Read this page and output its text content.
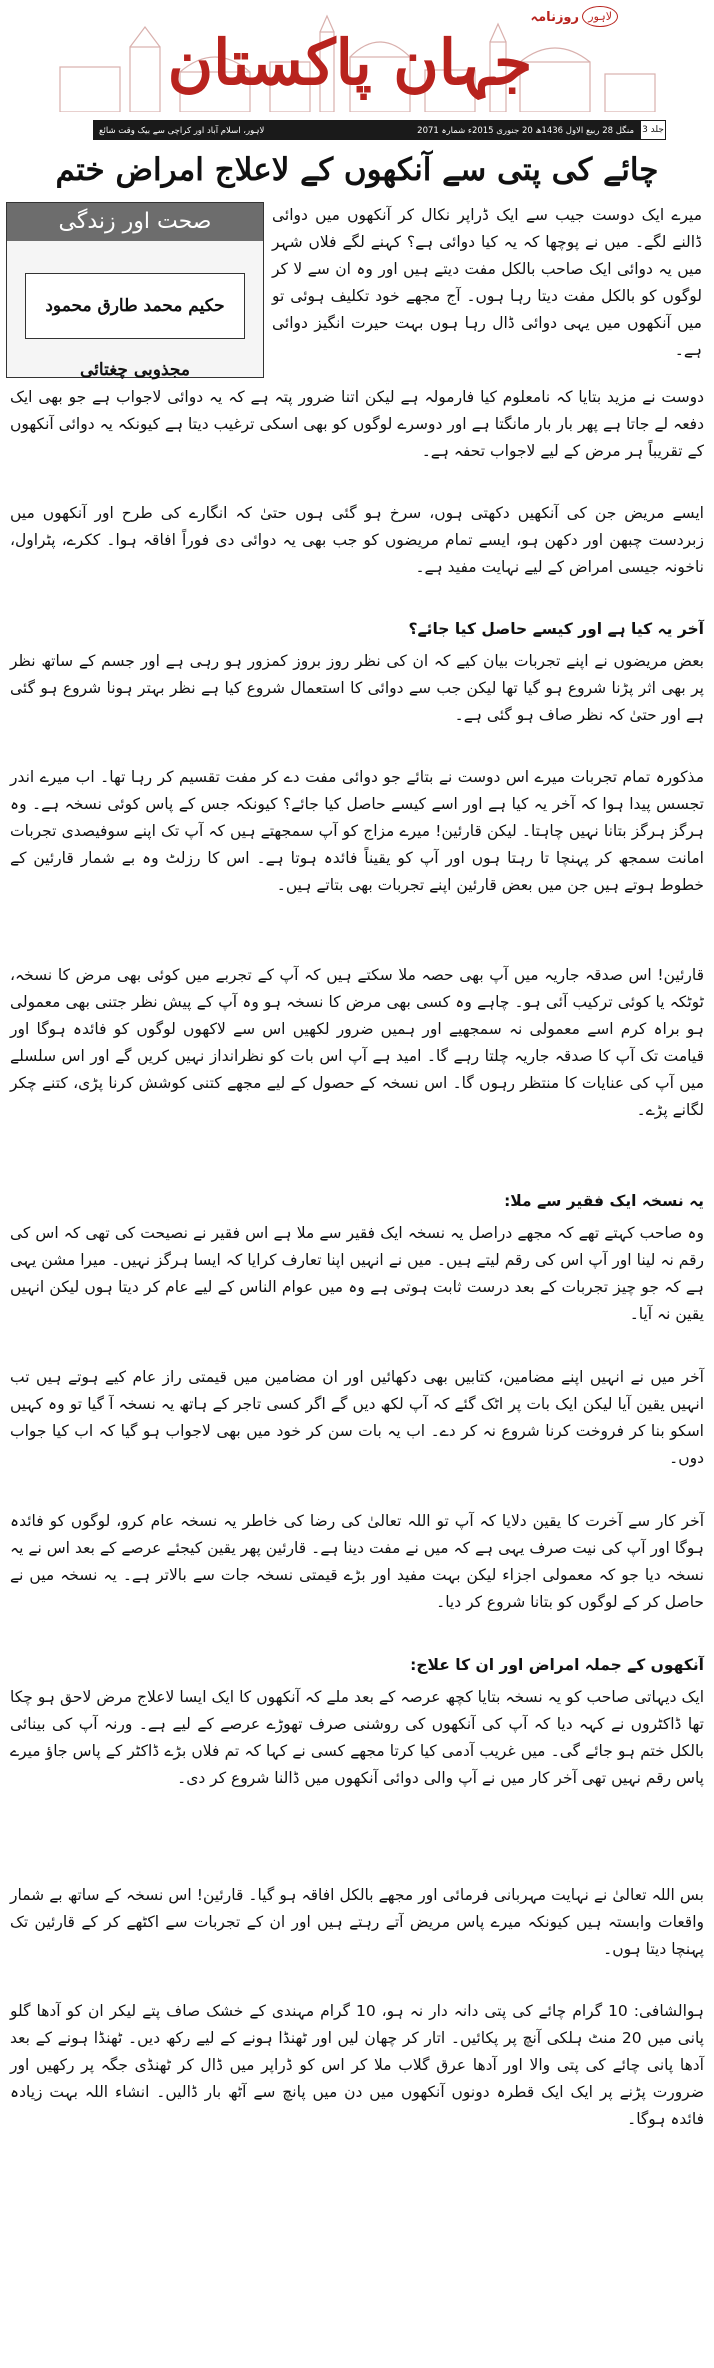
لاہور
روزنامہ
جہان پاکستان
منگل 28 ربیع الاول 1436ھ 20 جنوری 2015ء شمارہ 2071
لاہور، اسلام آباد اور کراچی سے بیک وقت شائع	جلد 3
چائے کی پتی سے آنکھوں کے لاعلاج امراض ختم
صحت اور زندگی
حکیم محمد طارق محمود مجذوبی چغتائی
میرے ایک دوست جیب سے ایک ڈراپر نکال کر آنکھوں میں دوائی ڈالنے لگے۔ میں نے پوچھا کہ یہ کیا دوائی ہے؟ کہنے لگے فلاں شہر میں یہ دوائی ایک صاحب بالکل مفت دیتے ہیں اور وہ ان سے لا کر لوگوں کو بالکل مفت دیتا رہا ہوں۔ آج مجھے خود تکلیف ہوئی تو میں آنکھوں میں یہی دوائی ڈال رہا ہوں بہت حیرت انگیز دوائی ہے۔
دوست نے مزید بتایا کہ نامعلوم کیا فارمولہ ہے لیکن اتنا ضرور پتہ ہے کہ یہ دوائی لاجواب ہے جو بھی ایک دفعہ لے جاتا ہے پھر بار بار مانگتا ہے اور دوسرے لوگوں کو بھی اسکی ترغیب دیتا ہے کیونکہ یہ دوائی آنکھوں کے تقریباً ہر مرض کے لیے لاجواب تحفہ ہے۔
ایسے مریض جن کی آنکھیں دکھتی ہوں، سرخ ہو گئی ہوں حتیٰ کہ انگارے کی طرح اور آنکھوں میں زبردست چبھن اور دکھن ہو، ایسے تمام مریضوں کو جب بھی یہ دوائی دی فوراً افاقہ ہوا۔ ککرے، پٹراول، ناخونہ جیسی امراض کے لیے نہایت مفید ہے۔
آخر یہ کیا ہے اور کیسے حاصل کیا جائے؟
بعض مریضوں نے اپنے تجربات بیان کیے کہ ان کی نظر روز بروز کمزور ہو رہی ہے اور جسم کے ساتھ نظر پر بھی اثر پڑنا شروع ہو گیا تھا لیکن جب سے دوائی کا استعمال شروع کیا ہے نظر بہتر ہونا شروع ہو گئی ہے اور حتیٰ کہ نظر صاف ہو گئی ہے۔
مذکورہ تمام تجربات میرے اس دوست نے بتائے جو دوائی مفت دے کر مفت تقسیم کر رہا تھا۔ اب میرے اندر تجسس پیدا ہوا کہ آخر یہ کیا ہے اور اسے کیسے حاصل کیا جائے؟ کیونکہ جس کے پاس کوئی نسخہ ہے۔ وہ ہرگز ہرگز بتانا نہیں چاہتا۔ لیکن قارئین! میرے مزاج کو آپ سمجھتے ہیں کہ آپ تک اپنے سوفیصدی تجربات امانت سمجھ کر پہنچا تا رہتا ہوں اور آپ کو یقیناً فائدہ ہوتا ہے۔ اس کا رزلٹ وہ بے شمار قارئین کے خطوط ہوتے ہیں جن میں بعض قارئین اپنے تجربات بھی بتاتے ہیں۔
قارئین! اس صدقہ جاریہ میں آپ بھی حصہ ملا سکتے ہیں کہ آپ کے تجربے میں کوئی بھی مرض کا نسخہ، ٹوٹکہ یا کوئی ترکیب آئی ہو۔ چاہے وہ کسی بھی مرض کا نسخہ ہو وہ آپ کے پیش نظر جتنی بھی معمولی ہو براہ کرم اسے معمولی نہ سمجھیے اور ہمیں ضرور لکھیں اس سے لاکھوں لوگوں کو فائدہ ہوگا اور قیامت تک آپ کا صدقہ جاریہ چلتا رہے گا۔ امید ہے آپ اس بات کو نظرانداز نہیں کریں گے اور اس سلسلے میں آپ کی عنایات کا منتظر رہوں گا۔ اس نسخہ کے حصول کے لیے مجھے کتنی کوشش کرنا پڑی، کتنے چکر لگانے پڑے۔
یہ نسخہ ایک فقیر سے ملا:
وہ صاحب کہتے تھے کہ مجھے دراصل یہ نسخہ ایک فقیر سے ملا ہے اس فقیر نے نصیحت کی تھی کہ اس کی رقم نہ لینا اور آپ اس کی رقم لیتے ہیں۔ میں نے انہیں اپنا تعارف کرایا کہ ایسا ہرگز نہیں۔ میرا مشن یہی ہے کہ جو چیز تجربات کے بعد درست ثابت ہوتی ہے وہ میں عوام الناس کے لیے عام کر دیتا ہوں لیکن انہیں یقین نہ آیا۔
آخر میں نے انہیں اپنے مضامین، کتابیں بھی دکھائیں اور ان مضامین میں قیمتی راز عام کیے ہوتے ہیں تب انہیں یقین آیا لیکن ایک بات پر اٹک گئے کہ آپ لکھ دیں گے اگر کسی تاجر کے ہاتھ یہ نسخہ آ گیا تو وہ کہیں اسکو بنا کر فروخت کرنا شروع نہ کر دے۔ اب یہ بات سن کر خود میں بھی لاجواب ہو گیا کہ اب کیا جواب دوں۔
آخر کار سے آخرت کا یقین دلایا کہ آپ تو اللہ تعالیٰ کی رضا کی خاطر یہ نسخہ عام کرو، لوگوں کو فائدہ ہوگا اور آپ کی نیت صرف یہی ہے کہ میں نے مفت دینا ہے۔ قارئین پھر یقین کیجئے عرصے کے بعد اس نے یہ نسخہ دیا جو کہ معمولی اجزاء لیکن بہت مفید اور بڑے قیمتی نسخہ جات سے بالاتر ہے۔ یہ نسخہ میں نے حاصل کر کے لوگوں کو بتانا شروع کر دیا۔
آنکھوں کے جملہ امراض اور ان کا علاج:
ایک دیہاتی صاحب کو یہ نسخہ بتایا کچھ عرصہ کے بعد ملے کہ آنکھوں کا ایک ایسا لاعلاج مرض لاحق ہو چکا تھا ڈاکٹروں نے کہہ دیا کہ آپ کی آنکھوں کی روشنی صرف تھوڑے عرصے کے لیے ہے۔ ورنہ آپ کی بینائی بالکل ختم ہو جائے گی۔ میں غریب آدمی کیا کرتا مجھے کسی نے کہا کہ تم فلاں بڑے ڈاکٹر کے پاس جاؤ میرے پاس رقم نہیں تھی آخر کار میں نے آپ والی دوائی آنکھوں میں ڈالنا شروع کر دی۔
بس اللہ تعالیٰ نے نہایت مہربانی فرمائی اور مجھے بالکل افاقہ ہو گیا۔ قارئین! اس نسخہ کے ساتھ بے شمار واقعات وابستہ ہیں کیونکہ میرے پاس مریض آتے رہتے ہیں اور ان کے تجربات سے اکٹھے کر کے قارئین تک پہنچا دیتا ہوں۔
ہوالشافی: 10 گرام چائے کی پتی دانہ دار نہ ہو، 10 گرام مہندی کے خشک صاف پتے لیکر ان کو آدھا گلو پانی میں 20 منٹ ہلکی آنچ پر پکائیں۔ اتار کر چھان لیں اور ٹھنڈا ہونے کے لیے رکھ دیں۔ ٹھنڈا ہونے کے بعد آدھا پانی چائے کی پتی والا اور آدھا عرق گلاب ملا کر اس کو ڈراپر میں ڈال کر ٹھنڈی جگہ پر رکھیں اور ضرورت پڑنے پر ایک ایک قطرہ دونوں آنکھوں میں دن میں پانچ سے آٹھ بار ڈالیں۔ انشاء اللہ بہت زیادہ فائدہ ہوگا۔
